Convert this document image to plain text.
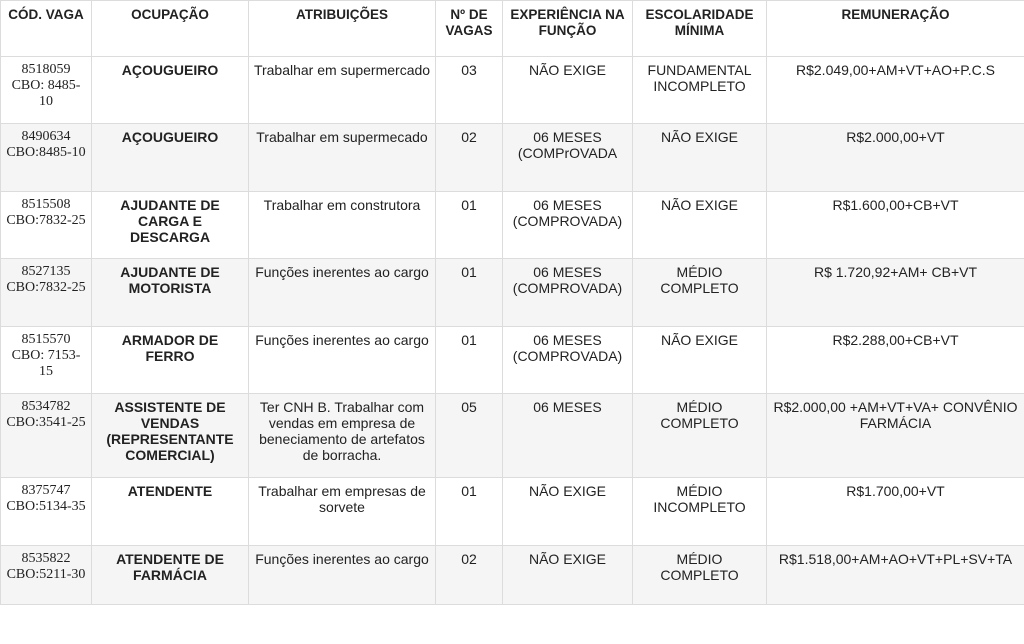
CÓD. VAGA	OCUPAÇÃO	ATRIBUIÇÕES	Nº DE VAGAS	EXPERIÊNCIA NA FUNÇÃO	ESCOLARIDADE MÍNIMA	REMUNERAÇÃO
8518059 CBO: 8485-10	AÇOUGUEIRO	Trabalhar em supermercado	03	NÃO EXIGE	FUNDAMENTAL INCOMPLETO	R$2.049,00+AM+VT+AO+P.C.S
8490634 CBO:8485-10	AÇOUGUEIRO	Trabalhar em supermecado	02	06 MESES (COMPrOVADA	NÃO EXIGE	R$2.000,00+VT
8515508 CBO:7832-25	AJUDANTE DE CARGA E DESCARGA	Trabalhar em construtora	01	06 MESES (COMPROVADA)	NÃO EXIGE	R$1.600,00+CB+VT
8527135 CBO:7832-25	AJUDANTE DE MOTORISTA	Funções inerentes ao cargo	01	06 MESES (COMPROVADA)	MÉDIO COMPLETO	R$ 1.720,92+AM+ CB+VT
8515570 CBO: 7153-15	ARMADOR DE FERRO	Funções inerentes ao cargo	01	06 MESES (COMPROVADA)	NÃO EXIGE	R$2.288,00+CB+VT
8534782 CBO:3541-25	ASSISTENTE DE VENDAS (REPRESENTANTE COMERCIAL)	Ter CNH B. Trabalhar com vendas em empresa de beneciamento de artefatos de borracha.	05	06 MESES	MÉDIO COMPLETO	R$2.000,00 +AM+VT+VA+ CONVÊNIO FARMÁCIA
8375747 CBO:5134-35	ATENDENTE	Trabalhar em empresas de sorvete	01	NÃO EXIGE	MÉDIO INCOMPLETO	R$1.700,00+VT
8535822 CBO:5211-30	ATENDENTE DE FARMÁCIA	Funções inerentes ao cargo	02	NÃO EXIGE	MÉDIO COMPLETO	R$1.518,00+AM+AO+VT+PL+SV+TA
